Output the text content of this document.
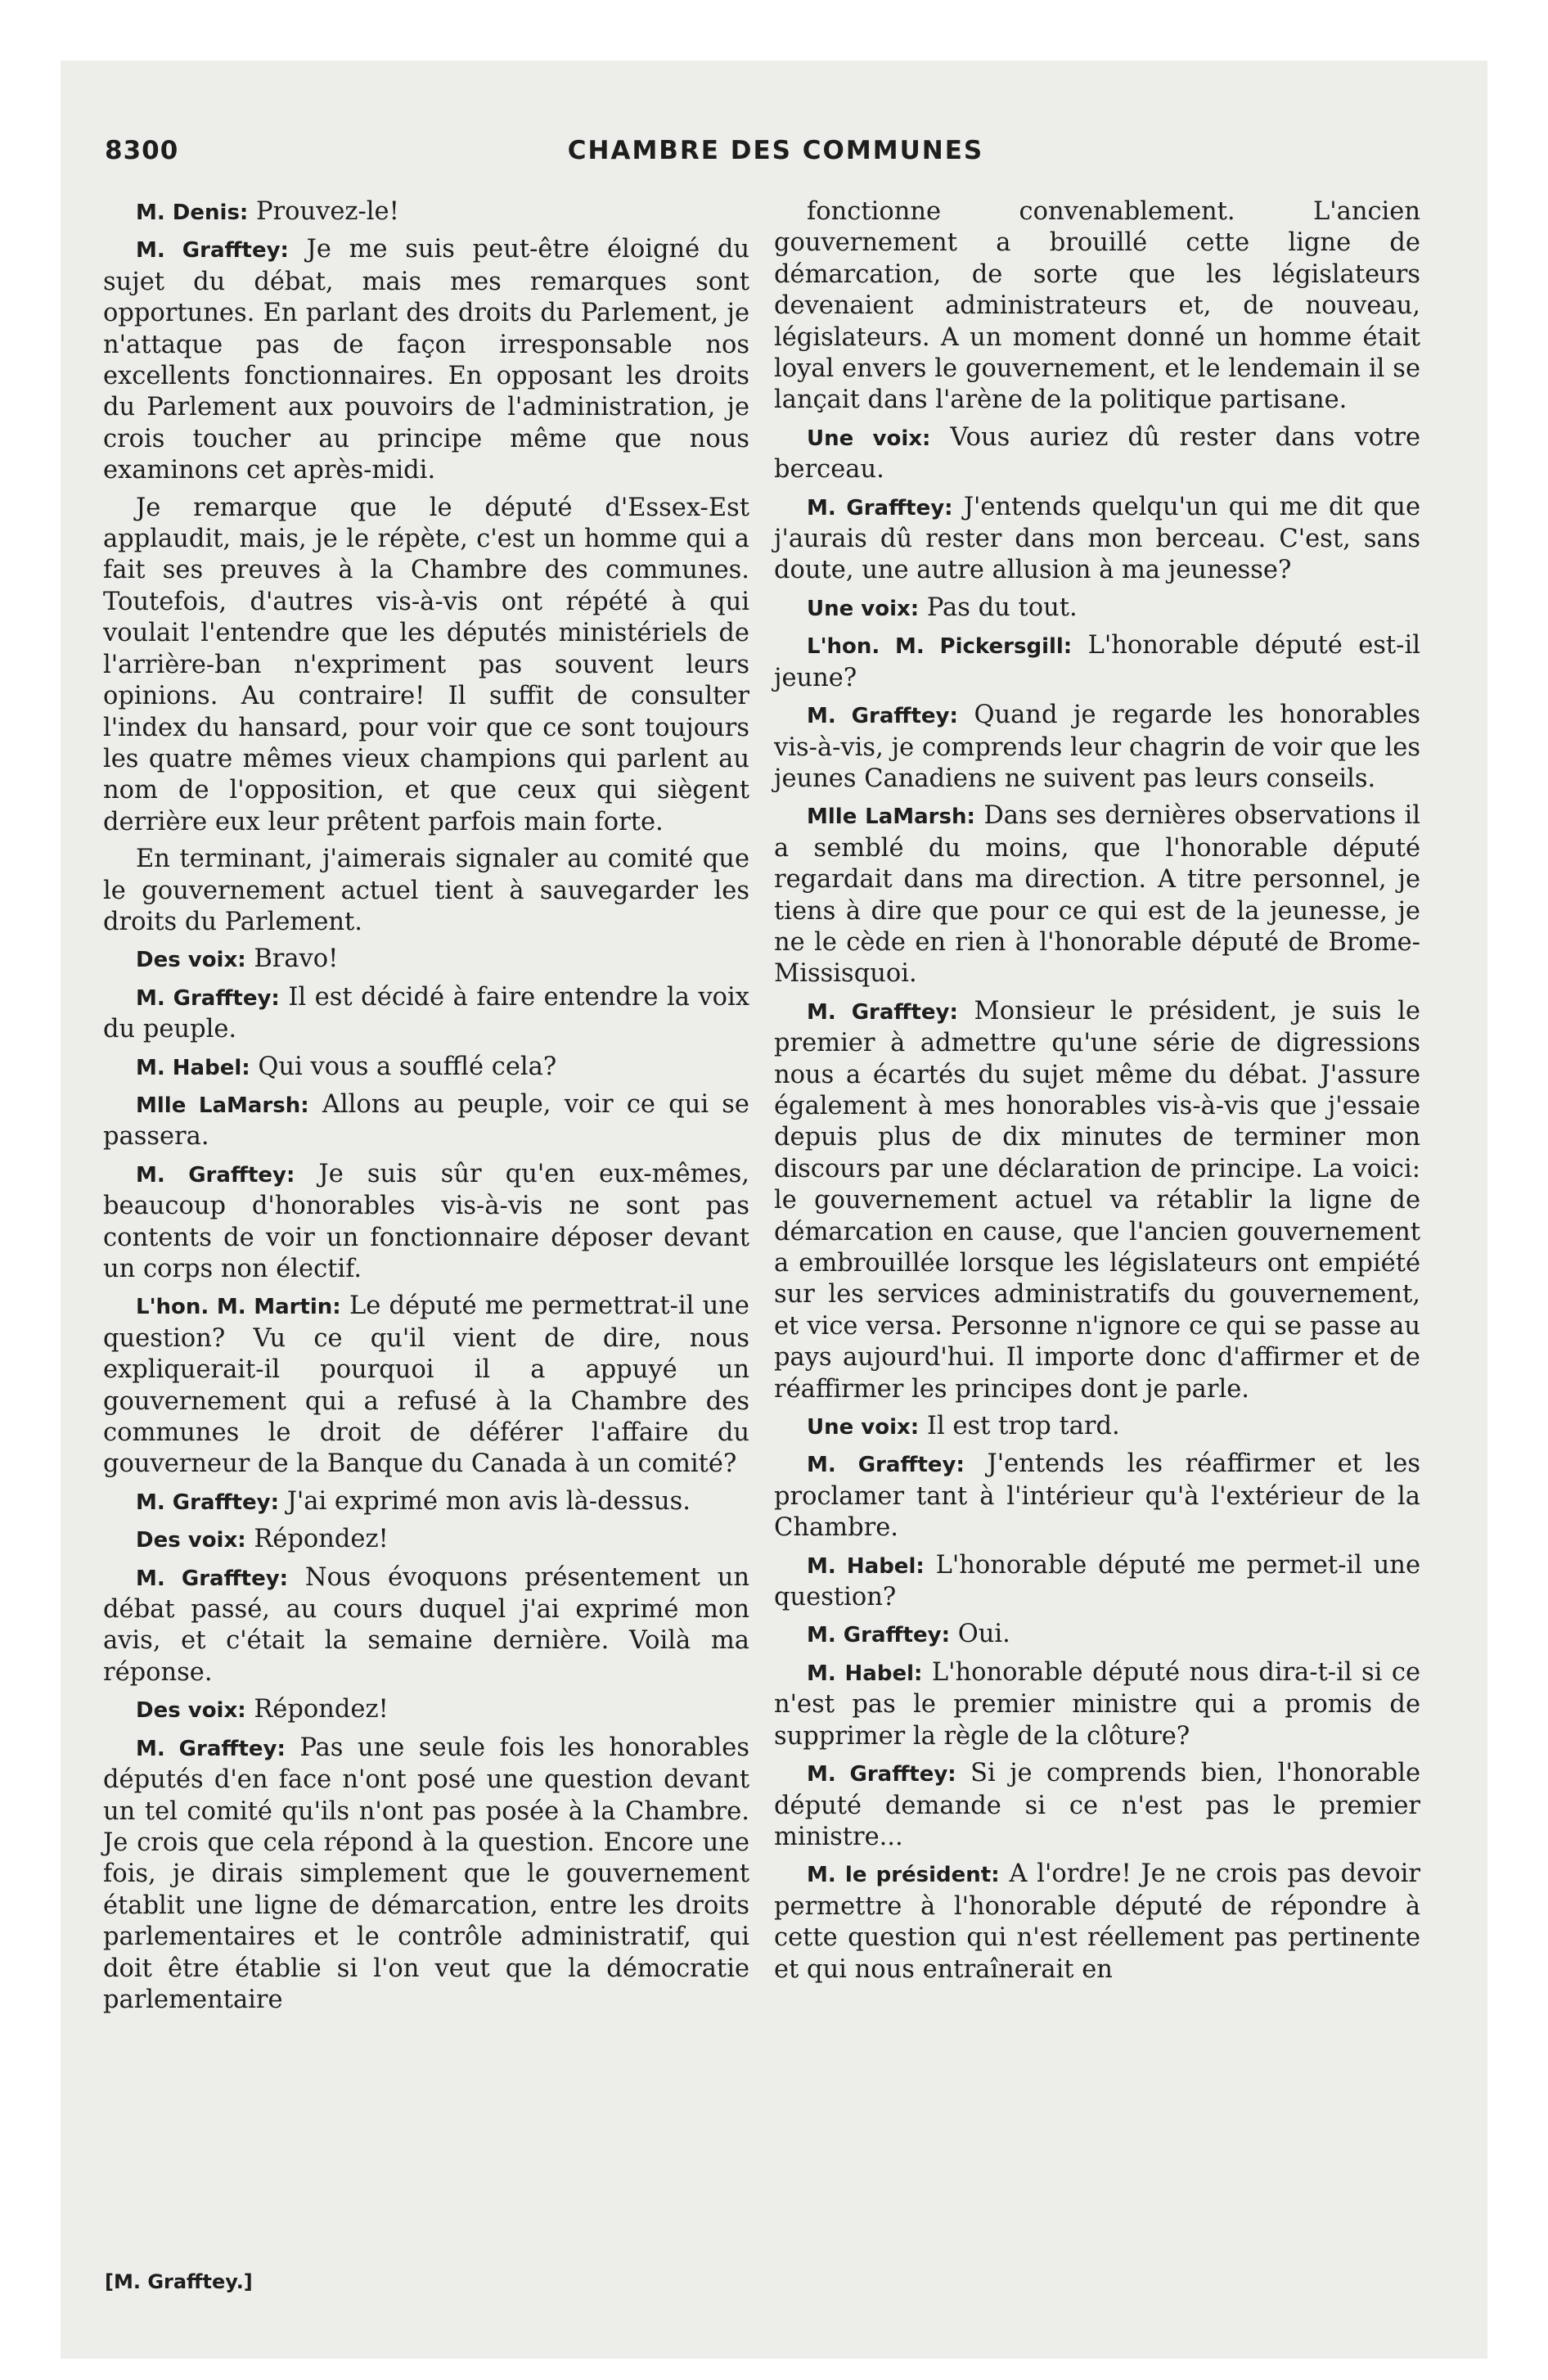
8300	CHAMBRE DES COMMUNES

M. Denis: Prouvez-le!

M. Grafftey: Je me suis peut-être éloigné du sujet du débat, mais mes remarques sont opportunes. En parlant des droits du Parlement, je n'attaque pas de façon irresponsable nos excellents fonctionnaires. En opposant les droits du Parlement aux pouvoirs de l'administration, je crois toucher au principe même que nous examinons cet après-midi.

Je remarque que le député d'Essex-Est applaudit, mais, je le répète, c'est un homme qui a fait ses preuves à la Chambre des communes. Toutefois, d'autres vis-à-vis ont répété à qui voulait l'entendre que les députés ministériels de l'arrière-ban n'expriment pas souvent leurs opinions. Au contraire! Il suffit de consulter l'index du hansard, pour voir que ce sont toujours les quatre mêmes vieux champions qui parlent au nom de l'opposition, et que ceux qui siègent derrière eux leur prêtent parfois main forte.

En terminant, j'aimerais signaler au comité que le gouvernement actuel tient à sauvegarder les droits du Parlement.

Des voix: Bravo!

M. Grafftey: Il est décidé à faire entendre la voix du peuple.

M. Habel: Qui vous a soufflé cela?

Mlle LaMarsh: Allons au peuple, voir ce qui se passera.

M. Grafftey: Je suis sûr qu'en eux-mêmes, beaucoup d'honorables vis-à-vis ne sont pas contents de voir un fonctionnaire déposer devant un corps non électif.

L'hon. M. Martin: Le député me permettrat-il une question? Vu ce qu'il vient de dire, nous expliquerait-il pourquoi il a appuyé un gouvernement qui a refusé à la Chambre des communes le droit de déférer l'affaire du gouverneur de la Banque du Canada à un comité?

M. Grafftey: J'ai exprimé mon avis là-dessus.

Des voix: Répondez!

M. Grafftey: Nous évoquons présentement un débat passé, au cours duquel j'ai exprimé mon avis, et c'était la semaine dernière. Voilà ma réponse.

Des voix: Répondez!

M. Grafftey: Pas une seule fois les honorables députés d'en face n'ont posé une question devant un tel comité qu'ils n'ont pas posée à la Chambre. Je crois que cela répond à la question. Encore une fois, je dirais simplement que le gouvernement établit une ligne de démarcation, entre les droits parlementaires et le contrôle administratif, qui doit être établie si l'on veut que la démocratie parlementaire

fonctionne convenablement. L'ancien gouvernement a brouillé cette ligne de démarcation, de sorte que les législateurs devenaient administrateurs et, de nouveau, législateurs. A un moment donné un homme était loyal envers le gouvernement, et le lendemain il se lançait dans l'arène de la politique partisane.

Une voix: Vous auriez dû rester dans votre berceau.

M. Grafftey: J'entends quelqu'un qui me dit que j'aurais dû rester dans mon berceau. C'est, sans doute, une autre allusion à ma jeunesse?

Une voix: Pas du tout.

L'hon. M. Pickersgill: L'honorable député est-il jeune?

M. Grafftey: Quand je regarde les honorables vis-à-vis, je comprends leur chagrin de voir que les jeunes Canadiens ne suivent pas leurs conseils.

Mlle LaMarsh: Dans ses dernières observations il a semblé du moins, que l'honorable député regardait dans ma direction. A titre personnel, je tiens à dire que pour ce qui est de la jeunesse, je ne le cède en rien à l'honorable député de Brome-Missisquoi.

M. Grafftey: Monsieur le président, je suis le premier à admettre qu'une série de digressions nous a écartés du sujet même du débat. J'assure également à mes honorables vis-à-vis que j'essaie depuis plus de dix minutes de terminer mon discours par une déclaration de principe. La voici: le gouvernement actuel va rétablir la ligne de démarcation en cause, que l'ancien gouvernement a embrouillée lorsque les législateurs ont empiété sur les services administratifs du gouvernement, et vice versa. Personne n'ignore ce qui se passe au pays aujourd'hui. Il importe donc d'affirmer et de réaffirmer les principes dont je parle.

Une voix: Il est trop tard.

M. Grafftey: J'entends les réaffirmer et les proclamer tant à l'intérieur qu'à l'extérieur de la Chambre.

M. Habel: L'honorable député me permet-il une question?

M. Grafftey: Oui.

M. Habel: L'honorable député nous dira-t-il si ce n'est pas le premier ministre qui a promis de supprimer la règle de la clôture?

M. Grafftey: Si je comprends bien, l'honorable député demande si ce n'est pas le premier ministre...

M. le président: A l'ordre! Je ne crois pas devoir permettre à l'honorable député de répondre à cette question qui n'est réellement pas pertinente et qui nous entraînerait en

[M. Grafftey.]
